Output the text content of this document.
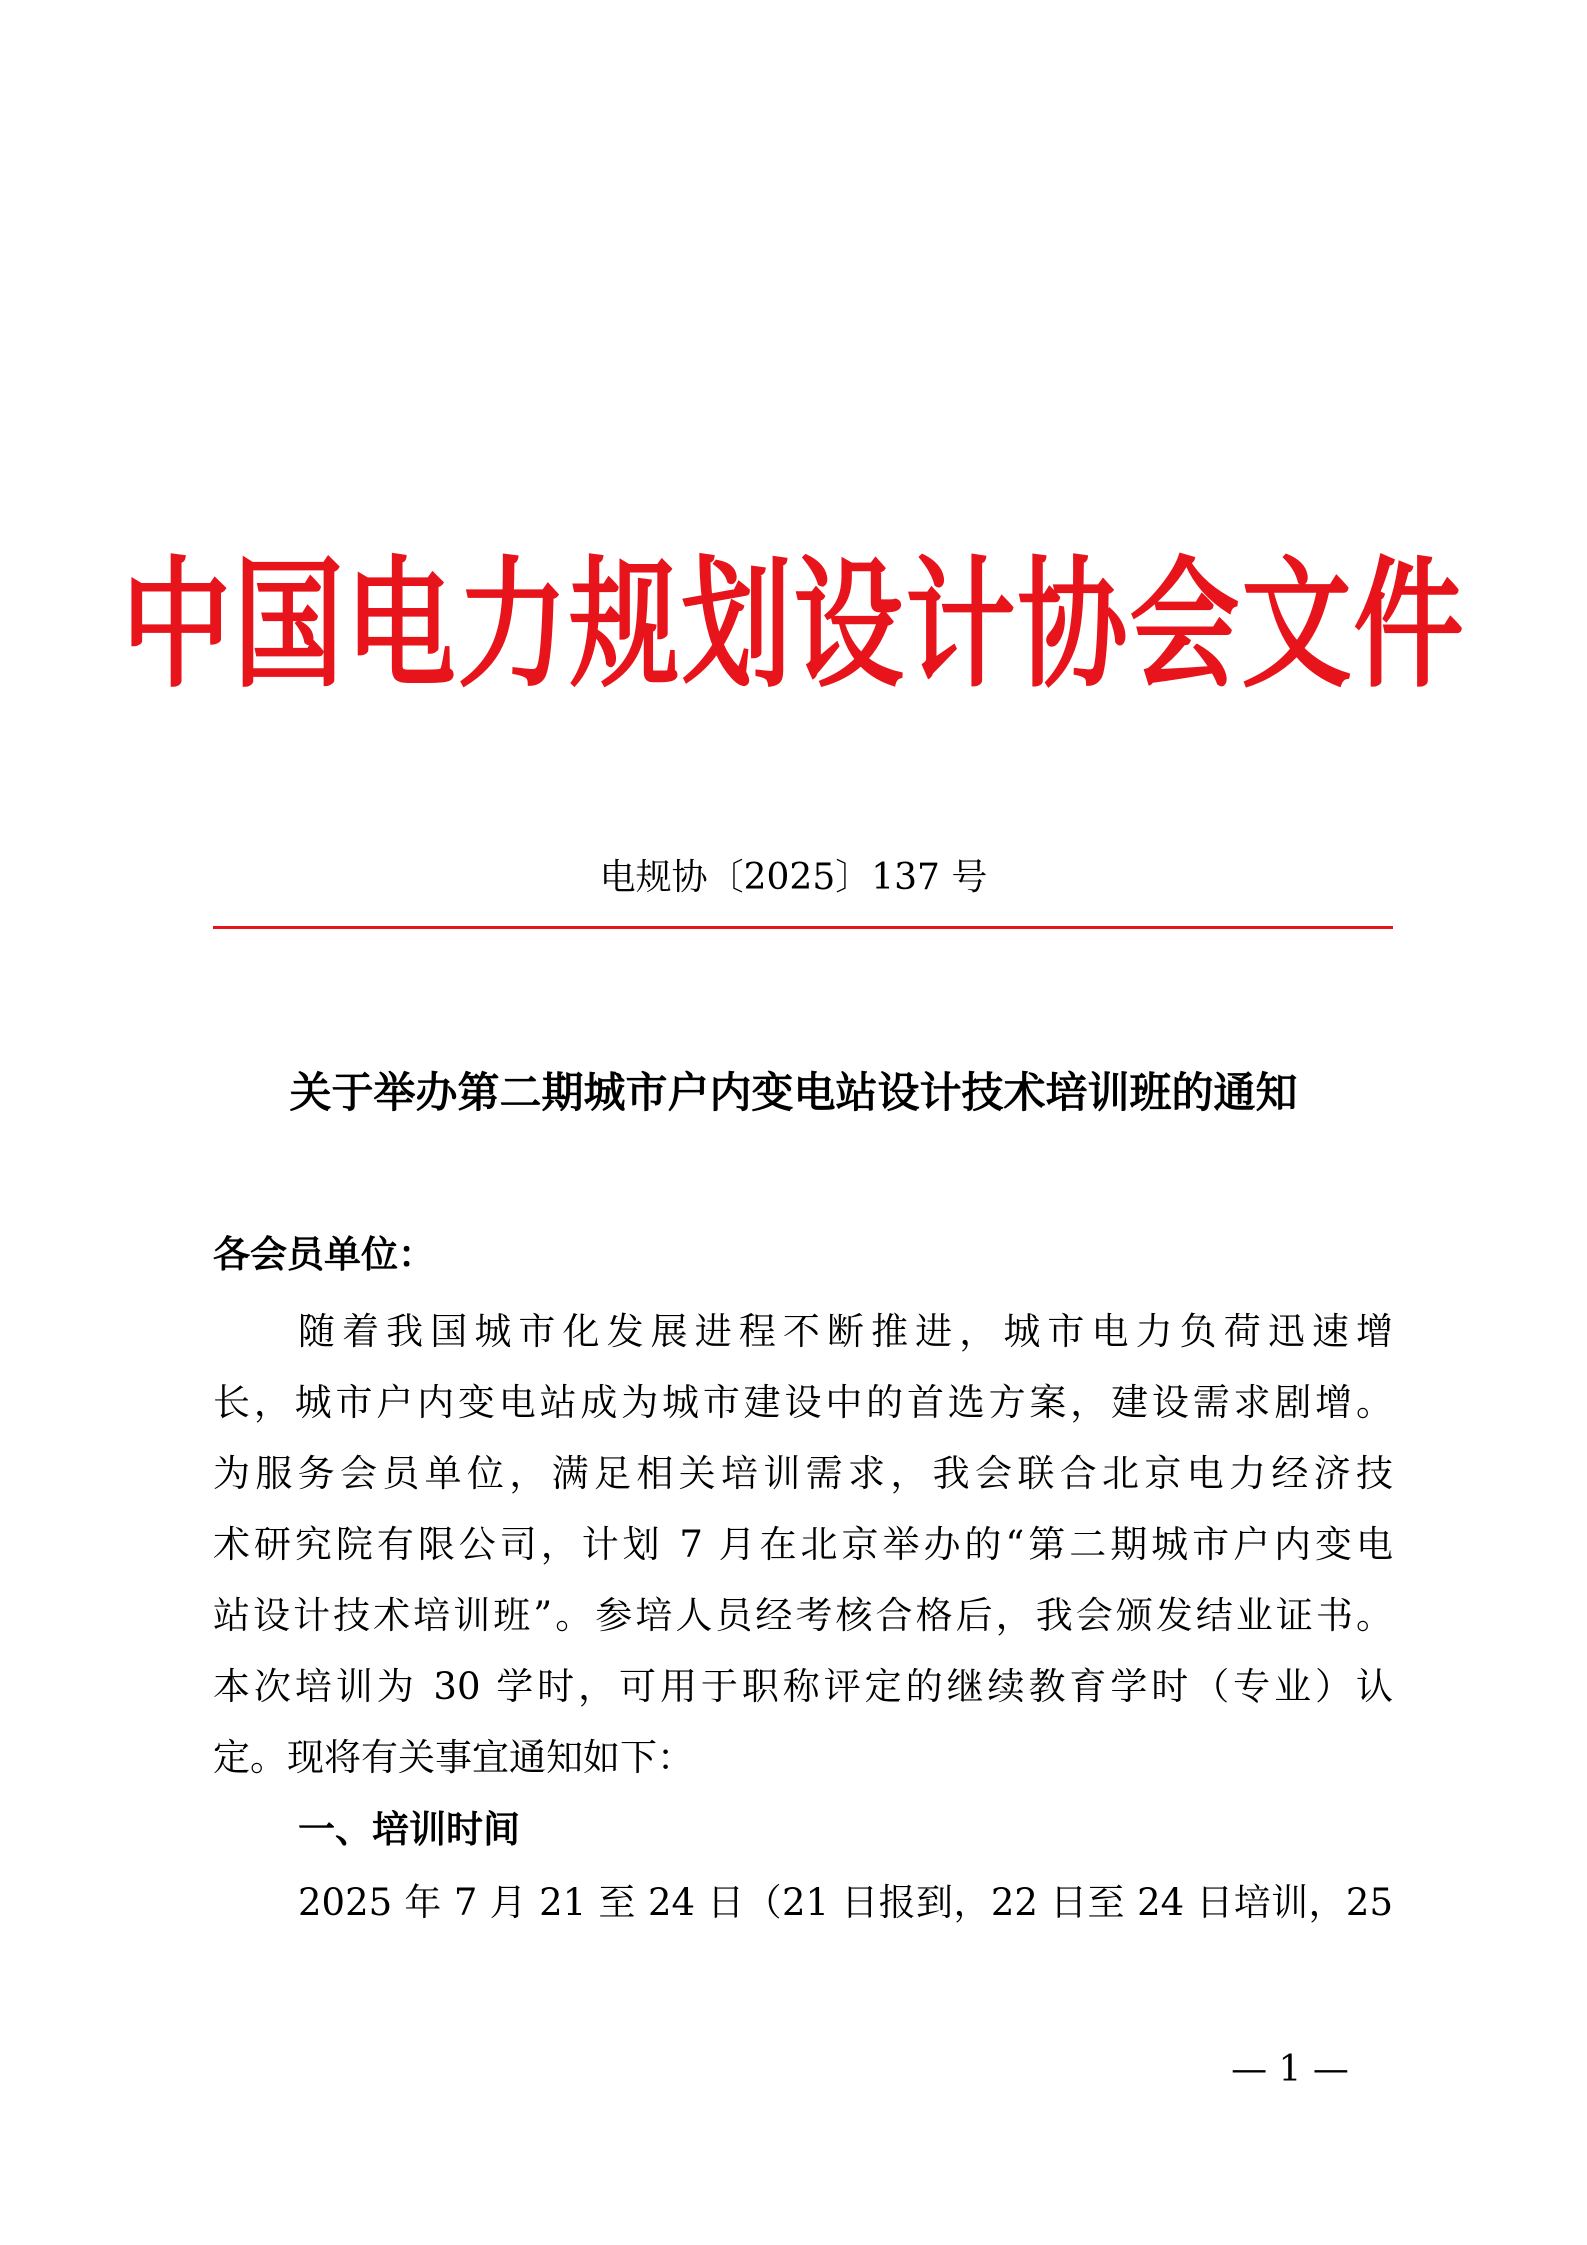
中国电力规划设计协会文件
电规协〔2025〕137 号
关于举办第二期城市户内变电站设计技术培训班的通知
各会员单位：
随着我国城市化发展进程不断推进，城市电力负荷迅速增
长，城市户内变电站成为城市建设中的首选方案，建设需求剧增。
为服务会员单位，满足相关培训需求，我会联合北京电力经济技
术研究院有限公司，计划 7 月在北京举办的“第二期城市户内变电
站设计技术培训班”。参培人员经考核合格后，我会颁发结业证书。
本次培训为 30 学时，可用于职称评定的继续教育学时（专业）认
定。现将有关事宜通知如下：
一、培训时间
2025 年 7 月 21 至 24 日（21 日报到，22 日至 24 日培训，25
— 1 —
